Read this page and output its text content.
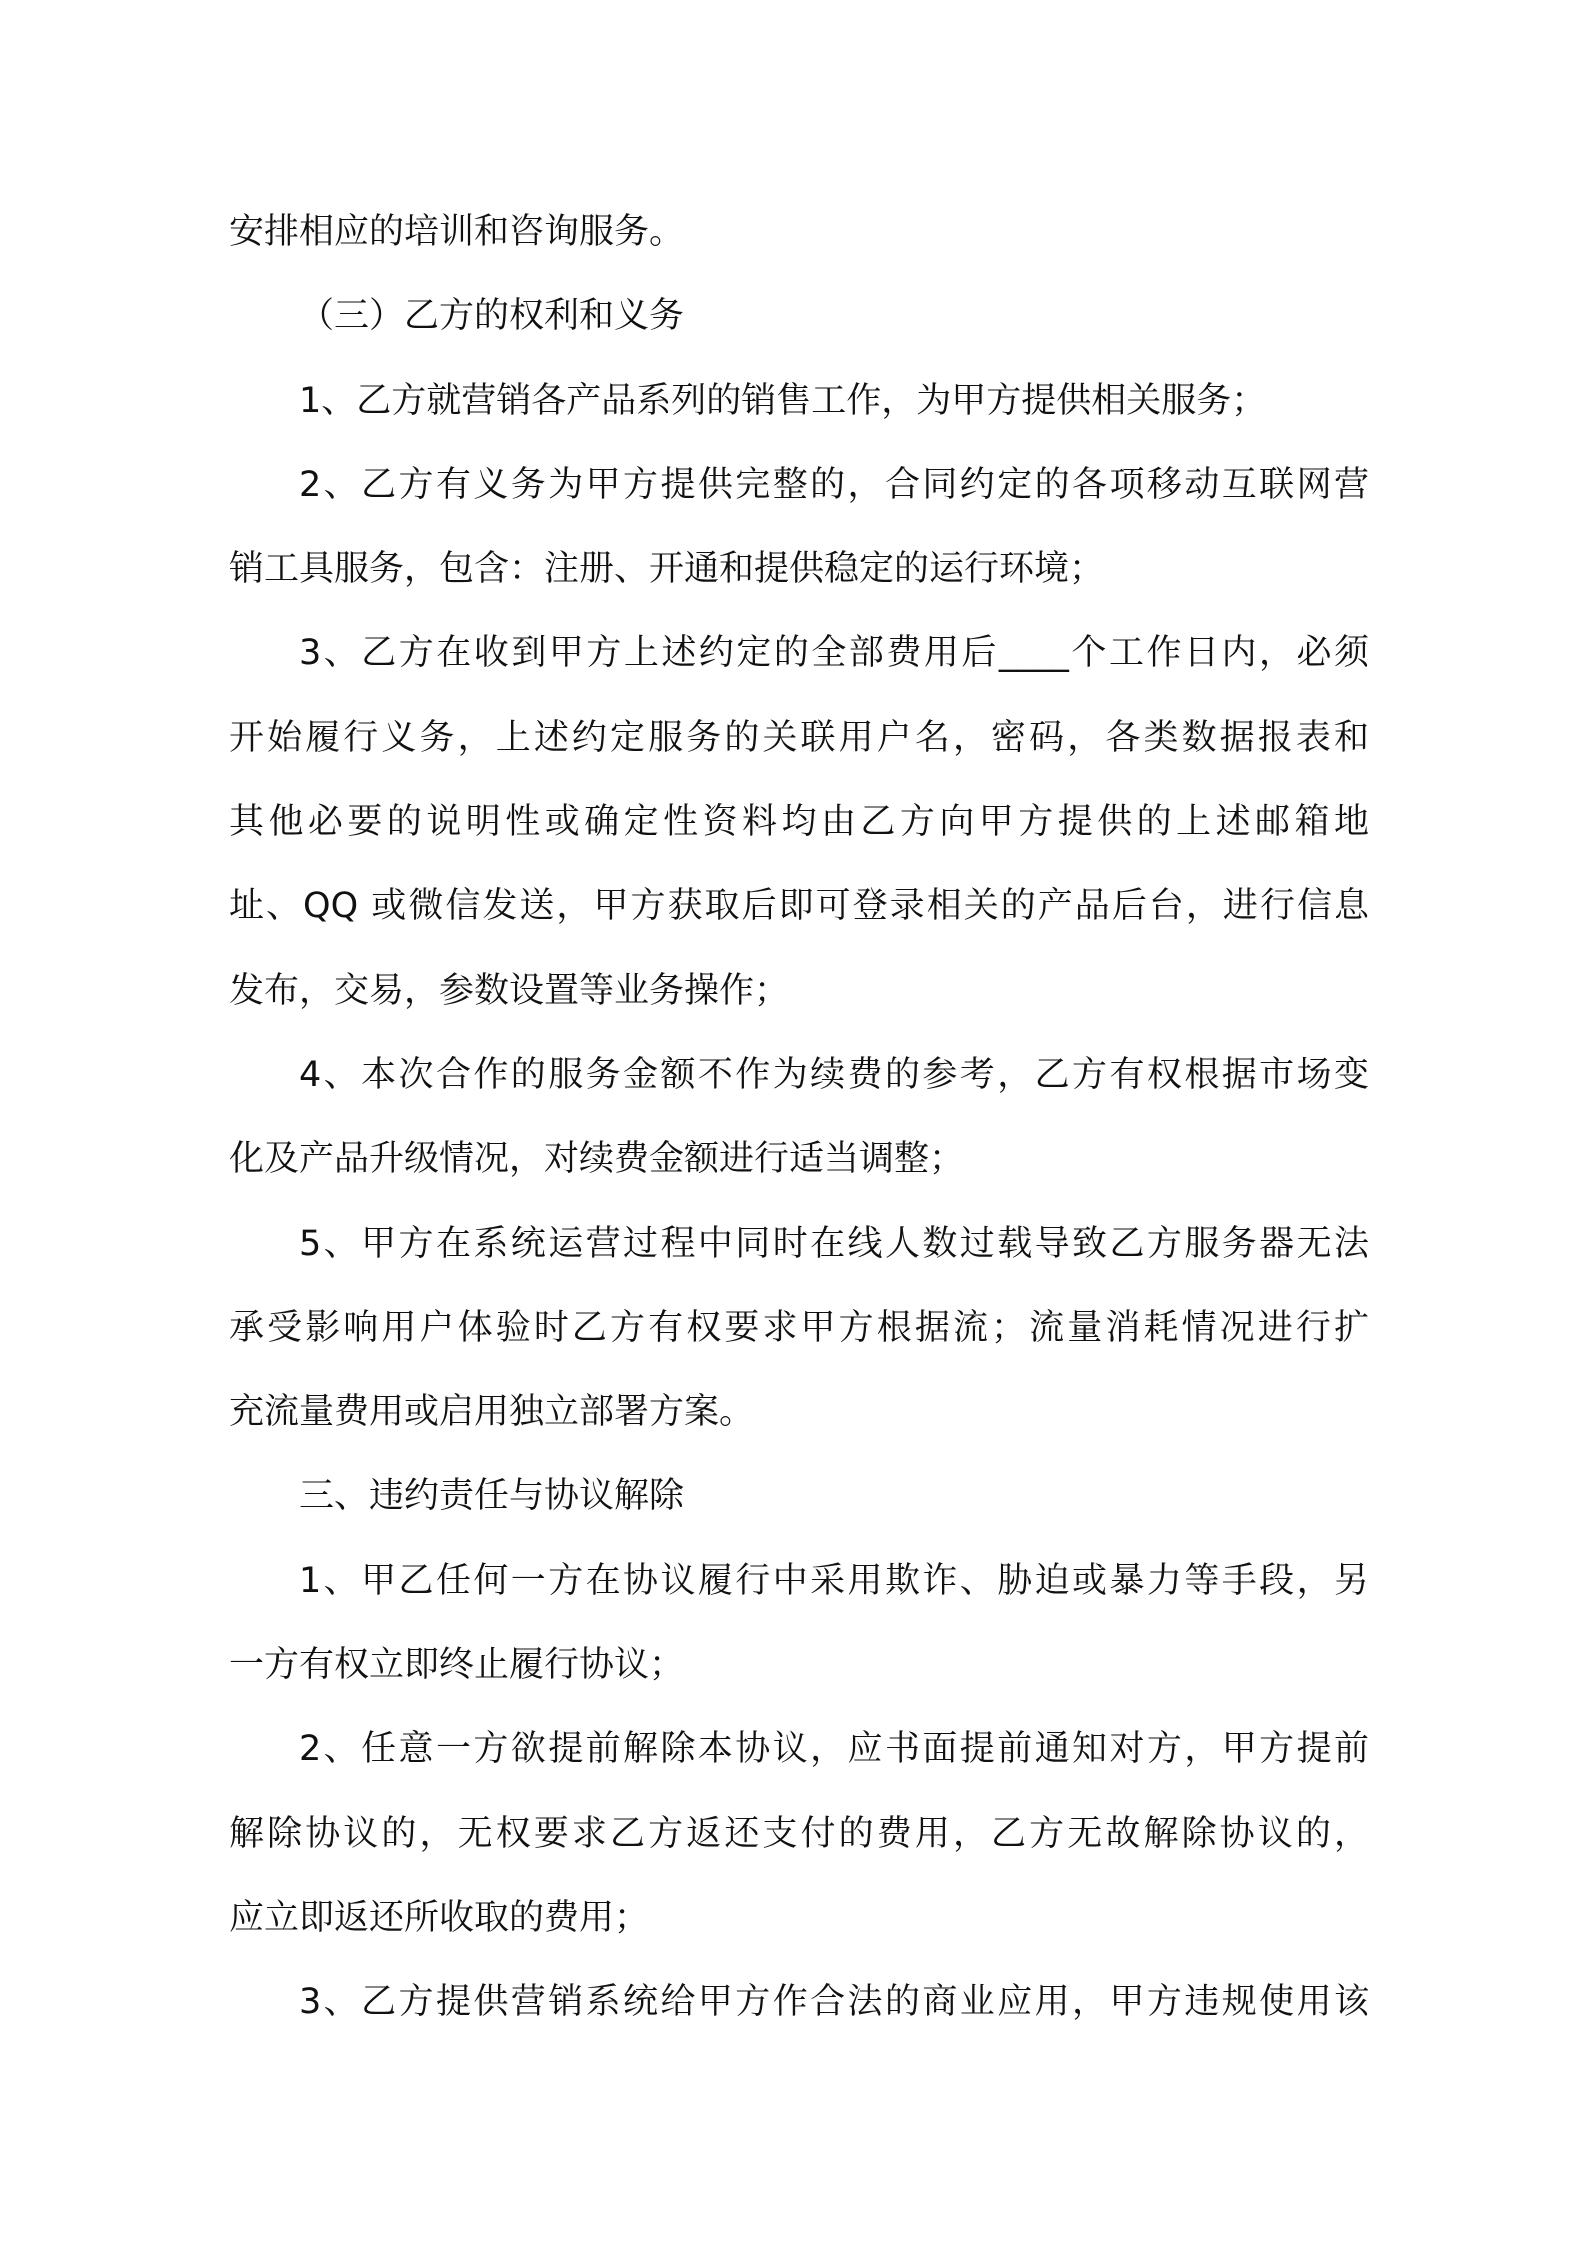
安排相应的培训和咨询服务。
（三）乙方的权利和义务
1、乙方就营销各产品系列的销售工作，为甲方提供相关服务；
2、乙方有义务为甲方提供完整的，合同约定的各项移动互联网营
销工具服务，包含：注册、开通和提供稳定的运行环境；
3、乙方在收到甲方上述约定的全部费用后____个工作日内，必须
开始履行义务，上述约定服务的关联用户名，密码，各类数据报表和
其他必要的说明性或确定性资料均由乙方向甲方提供的上述邮箱地
址、QQ 或微信发送，甲方获取后即可登录相关的产品后台，进行信息
发布，交易，参数设置等业务操作；
4、本次合作的服务金额不作为续费的参考，乙方有权根据市场变
化及产品升级情况，对续费金额进行适当调整；
5、甲方在系统运营过程中同时在线人数过载导致乙方服务器无法
承受影响用户体验时乙方有权要求甲方根据流；流量消耗情况进行扩
充流量费用或启用独立部署方案。
三、违约责任与协议解除
1、甲乙任何一方在协议履行中采用欺诈、胁迫或暴力等手段，另
一方有权立即终止履行协议；
2、任意一方欲提前解除本协议，应书面提前通知对方，甲方提前
解除协议的，无权要求乙方返还支付的费用，乙方无故解除协议的，
应立即返还所收取的费用；
3、乙方提供营销系统给甲方作合法的商业应用，甲方违规使用该
